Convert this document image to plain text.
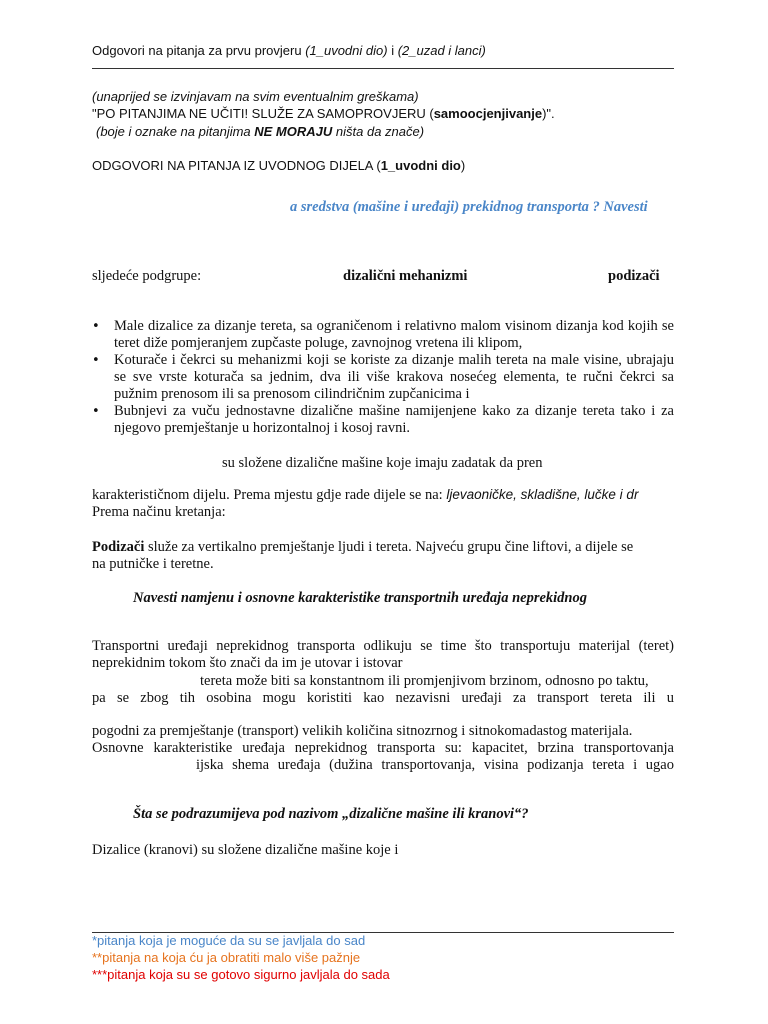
Odgovori na pitanja za prvu provjeru (1_uvodni dio) i (2_uzad i lanci)
(unaprijed se izvinjavam na svim eventualnim greškama)
"PO PITANJIMA NE UČITI! SLUŽE ZA SAMOPROVJERU (samoocjenjivanje)".
(boje i oznake na pitanjima NE MORAJU ništa da znače)
ODGOVORI NA PITANJA IZ UVODNOG DIJELA (1_uvodni dio)
a sredstva (mašine i uređaji) prekidnog transporta ? Navesti
sljedeće podgrupe:	dizalični mehanizmi	podizači
• Male dizalice za dizanje tereta, sa ograničenom i relativno malom visinom dizanja kod kojih se teret diže pomjeranjem zupčaste poluge, zavnojnog vretena ili klipom,
• Koturače i čekrci su mehanizmi koji se koriste za dizanje malih tereta na male visine, ubrajaju se sve vrste koturača sa jednim, dva ili više krakova nosećeg elementa, te ručni čekrci sa pužnim prenosom ili sa prenosom cilindričnim zupčanicima i
• Bubnjevi za vuču jednostavne dizalične mašine namijenjene kako za dizanje tereta tako i za njegovo premještanje u horizontalnoj i kosoj ravni.
su složene dizalične mašine koje imaju zadatak da pren
karakterističnom dijelu. Prema mjestu gdje rade dijele se na: ljevaoničke, skladišne, lučke i dr
Prema načinu kretanja:
Podizači služe za vertikalno premještanje ljudi i tereta. Najveću grupu čine liftovi, a dijele se
na putničke i teretne.
Navesti namjenu i osnovne karakteristike transportnih uređaja neprekidnog
Transportni uređaji neprekidnog transporta odlikuju se time što transportuju materijal (teret)
neprekidnim tokom što znači da im je utovar i istovar
tereta može biti sa konstantnom ili promjenjivom brzinom, odnosno po taktu,
pa se zbog tih osobina mogu koristiti kao nezavisni uređaji za transport tereta ili u
pogodni za premještanje (transport) velikih količina sitnozrnog i sitnokomadastog materijala.
Osnovne karakteristike uređaja neprekidnog transporta su: kapacitet, brzina transportovanja
ijska shema uređaja (dužina transportovanja, visina podizanja tereta i ugao
Šta se podrazumijeva pod nazivom „dizalične mašine ili kranovi“?
Dizalice (kranovi) su složene dizalične mašine koje i
*pitanja koja je moguće da su se javljala do sad
**pitanja na koja ću ja obratiti malo više pažnje
***pitanja koja su se gotovo sigurno javljala do sada
